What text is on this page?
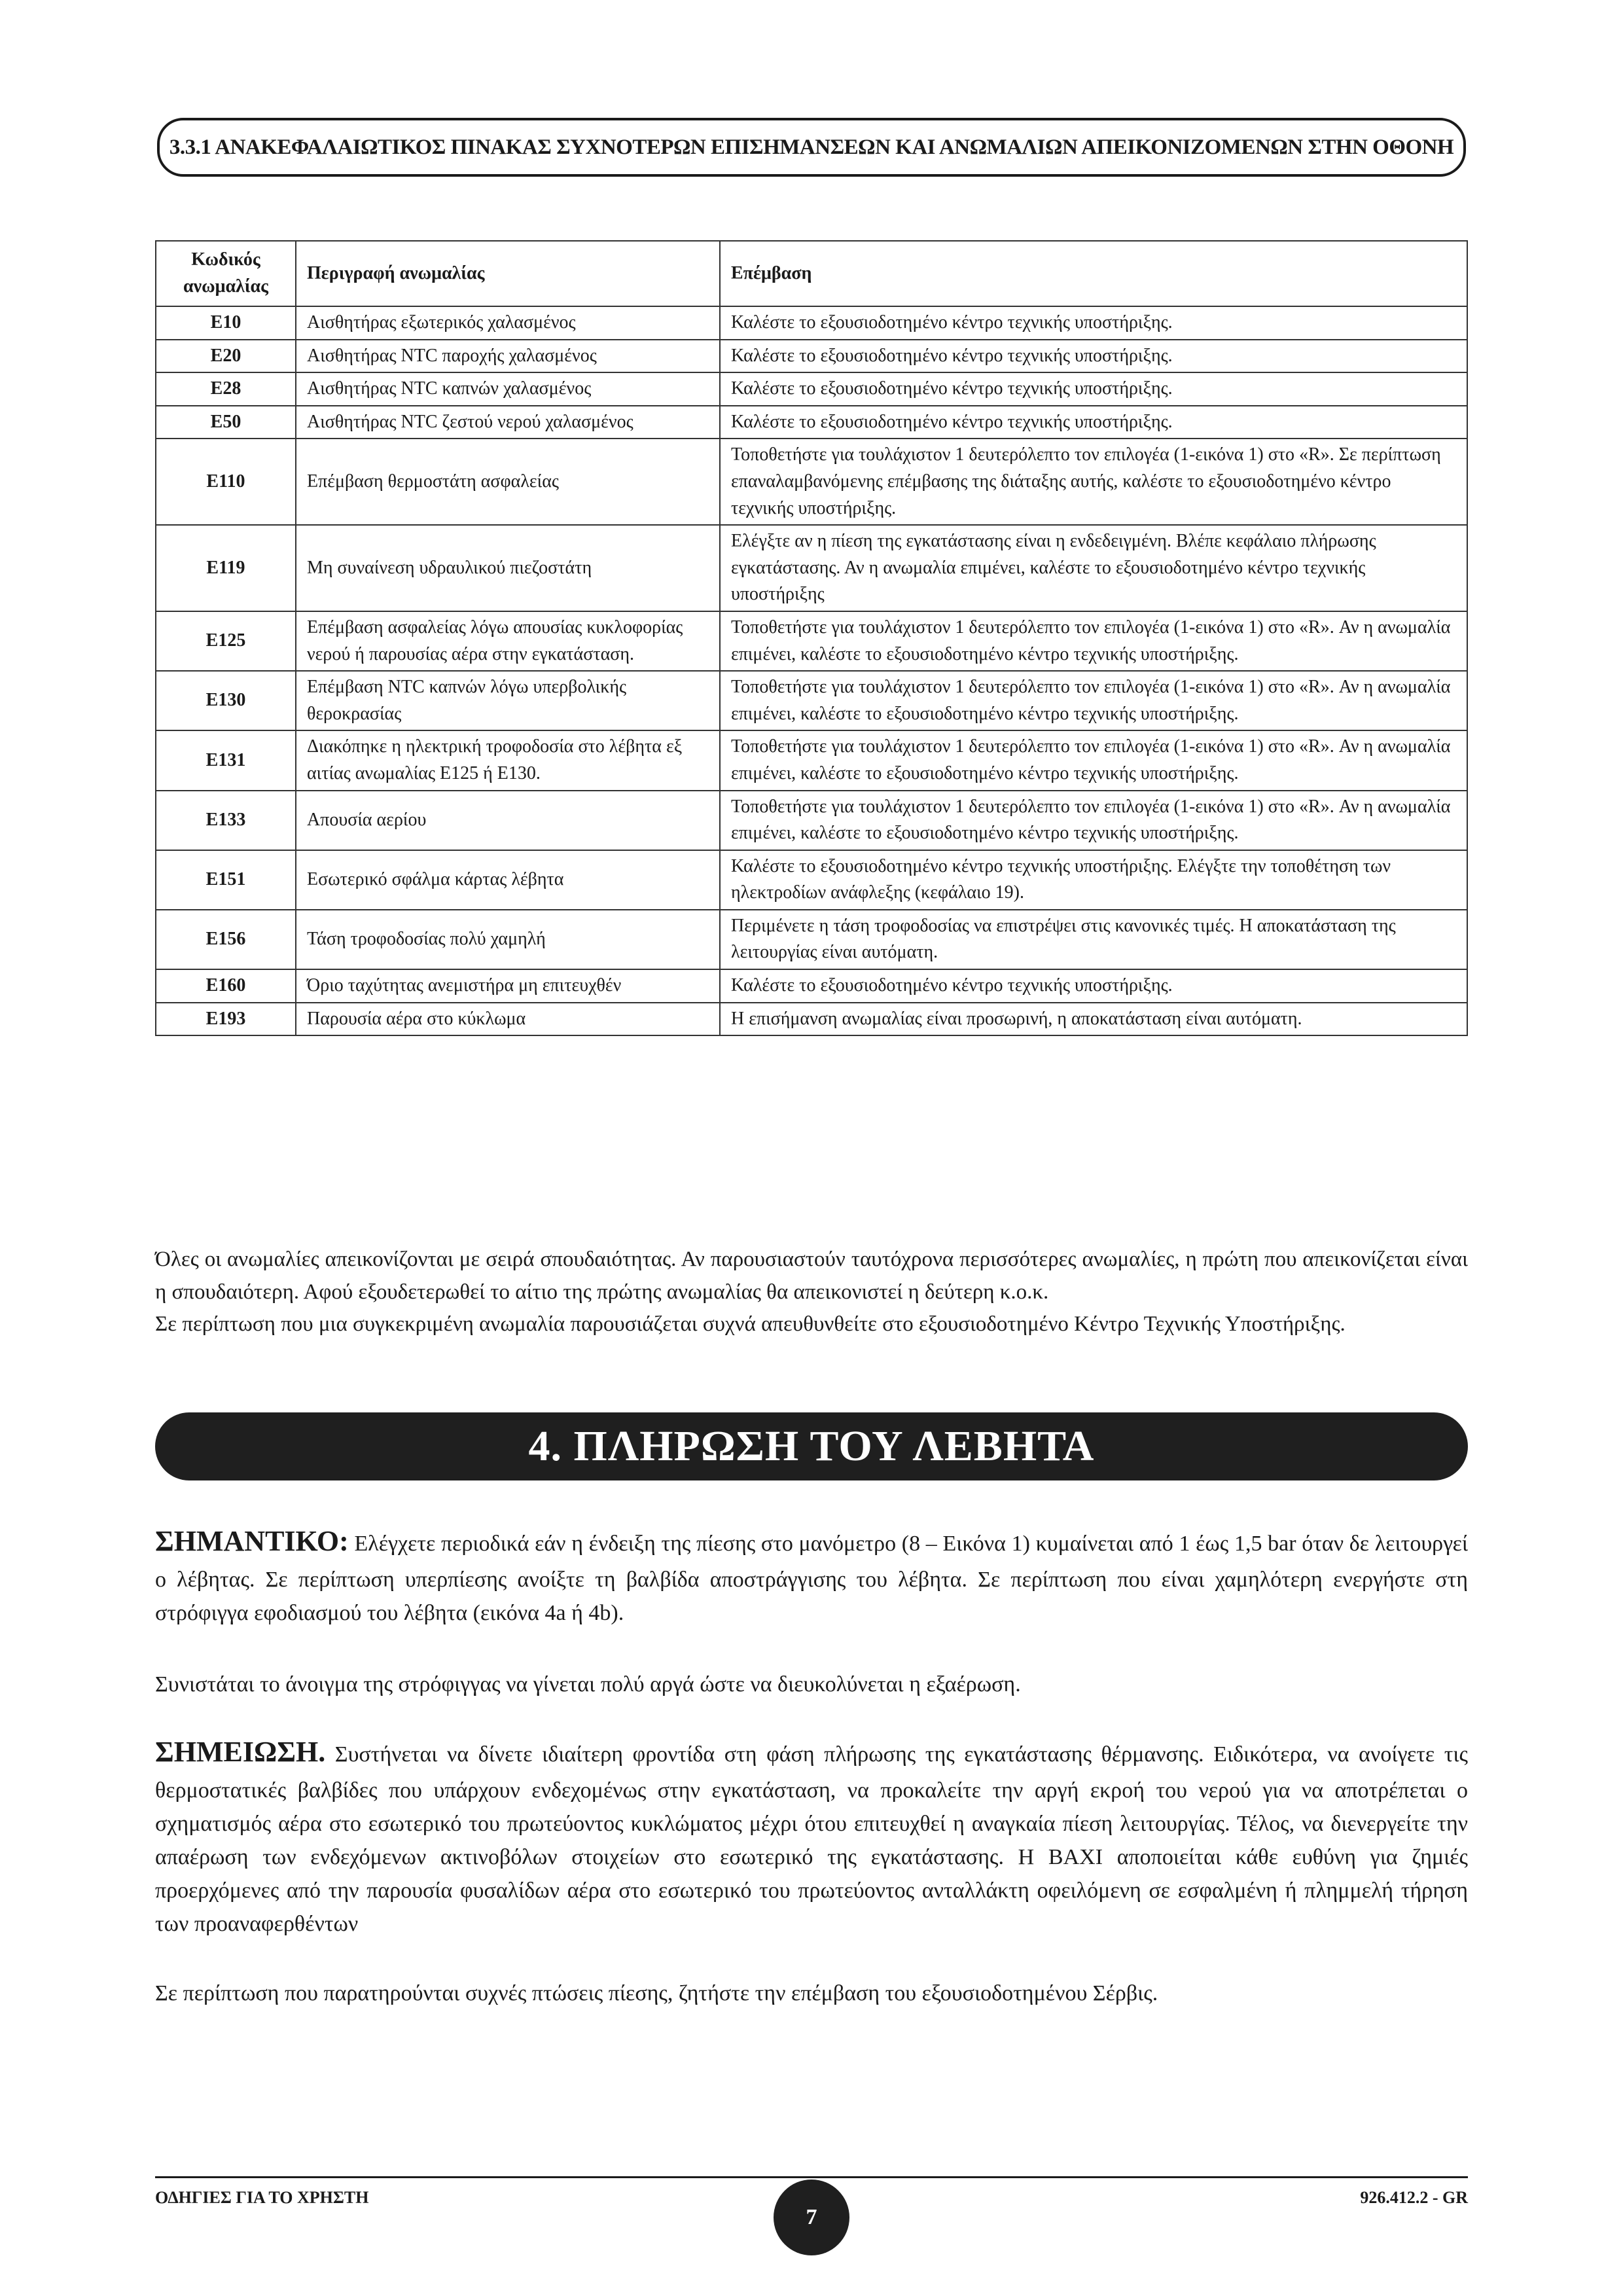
3.3.1 ΑΝΑΚΕΦΑΛΑΙΩΤΙΚΟΣ ΠΙΝΑΚΑΣ ΣΥΧΝΟΤΕΡΩΝ ΕΠΙΣΗΜΑΝΣΕΩΝ ΚΑΙ ΑΝΩΜΑΛΙΩΝ ΑΠΕΙΚΟΝΙΖΟΜΕΝΩΝ ΣΤΗΝ ΟΘΟΝΗ
Κωδικός ανωμαλίας	Περιγραφή ανωμαλίας	Επέμβαση
E10	Αισθητήρας εξωτερικός χαλασμένος	Καλέστε το εξουσιοδοτημένο κέντρο τεχνικής υποστήριξης.
E20	Αισθητήρας NTC παροχής χαλασμένος	Καλέστε το εξουσιοδοτημένο κέντρο τεχνικής υποστήριξης.
E28	Αισθητήρας NTC καπνών χαλασμένος	Καλέστε το εξουσιοδοτημένο κέντρο τεχνικής υποστήριξης.
E50	Αισθητήρας NTC ζεστού νερού χαλασμένος	Καλέστε το εξουσιοδοτημένο κέντρο τεχνικής υποστήριξης.
E110	Επέμβαση θερμοστάτη ασφαλείας	Τοποθετήστε για τουλάχιστον 1 δευτερόλεπτο τον επιλογέα (1-εικόνα 1) στο «R». Σε περίπτωση επαναλαμβανόμενης επέμβασης της διάταξης αυτής, καλέστε το εξουσιοδοτημένο κέντρο τεχνικής υποστήριξης.
E119	Μη συναίνεση υδραυλικού πιεζοστάτη	Ελέγξτε αν η πίεση της εγκατάστασης είναι η ενδεδειγμένη. Βλέπε κεφάλαιο πλήρωσης εγκατάστασης. Αν η ανωμαλία επιμένει, καλέστε το εξουσιοδοτημένο κέντρο τεχνικής υποστήριξης
E125	Επέμβαση ασφαλείας λόγω απουσίας κυκλοφορίας νερού ή παρουσίας αέρα στην εγκατάσταση.	Τοποθετήστε για τουλάχιστον 1 δευτερόλεπτο τον επιλογέα (1-εικόνα 1) στο «R». Αν η ανωμαλία επιμένει, καλέστε το εξουσιοδοτημένο κέντρο τεχνικής υποστήριξης.
E130	Επέμβαση NTC καπνών λόγω υπερβολικής θεροκρασίας	Τοποθετήστε για τουλάχιστον 1 δευτερόλεπτο τον επιλογέα (1-εικόνα 1) στο «R». Αν η ανωμαλία επιμένει, καλέστε το εξουσιοδοτημένο κέντρο τεχνικής υποστήριξης.
E131	Διακόπηκε η ηλεκτρική τροφοδοσία στο λέβητα εξ αιτίας ανωμαλίας E125 ή E130.	Τοποθετήστε για τουλάχιστον 1 δευτερόλεπτο τον επιλογέα (1-εικόνα 1) στο «R». Αν η ανωμαλία επιμένει, καλέστε το εξουσιοδοτημένο κέντρο τεχνικής υποστήριξης.
E133	Απουσία αερίου	Τοποθετήστε για τουλάχιστον 1 δευτερόλεπτο τον επιλογέα (1-εικόνα 1) στο «R». Αν η ανωμαλία επιμένει, καλέστε το εξουσιοδοτημένο κέντρο τεχνικής υποστήριξης.
E151	Εσωτερικό σφάλμα κάρτας λέβητα	Καλέστε το εξουσιοδοτημένο κέντρο τεχνικής υποστήριξης. Ελέγξτε την τοποθέτηση των ηλεκτροδίων ανάφλεξης (κεφάλαιο 19).
E156	Τάση τροφοδοσίας πολύ χαμηλή	Περιμένετε η τάση τροφοδοσίας να επιστρέψει στις κανονικές τιμές. Η αποκατάσταση της λειτουργίας είναι αυτόματη.
E160	Όριο ταχύτητας ανεμιστήρα μη επιτευχθέν	Καλέστε το εξουσιοδοτημένο κέντρο τεχνικής υποστήριξης.
E193	Παρουσία αέρα στο κύκλωμα	Η επισήμανση ανωμαλίας είναι προσωρινή, η αποκατάσταση είναι αυτόματη.

Όλες οι ανωμαλίες απεικονίζονται με σειρά σπουδαιότητας. Αν παρουσιαστούν ταυτόχρονα περισσότερες ανωμαλίες, η πρώτη που απεικονίζεται είναι η σπουδαιότερη. Αφού εξουδετερωθεί το αίτιο της πρώτης ανωμαλίας θα απεικονιστεί η δεύτερη κ.ο.κ.

Σε περίπτωση που μια συγκεκριμένη ανωμαλία παρουσιάζεται συχνά απευθυνθείτε στο εξουσιοδοτημένο Κέντρο Τεχνικής Υποστήριξης.

4. ΠΛΗΡΩΣΗ ΤΟΥ ΛΕΒΗΤΑ

ΣΗΜΑΝΤΙΚΟ: Ελέγχετε περιοδικά εάν η ένδειξη της πίεσης στο μανόμετρο (8 – Εικόνα 1) κυμαίνεται από 1 έως 1,5 bar όταν δε λειτουργεί ο λέβητας. Σε περίπτωση υπερπίεσης ανοίξτε τη βαλβίδα αποστράγγισης του λέβητα. Σε περίπτωση που είναι χαμηλότερη ενεργήστε στη στρόφιγγα εφοδιασμού του λέβητα (εικόνα 4a ή 4b).

Συνιστάται το άνοιγμα της στρόφιγγας να γίνεται πολύ αργά ώστε να διευκολύνεται η εξαέρωση.

ΣΗΜΕΙΩΣΗ. Συστήνεται να δίνετε ιδιαίτερη φροντίδα στη φάση πλήρωσης της εγκατάστασης θέρμανσης. Ειδικότερα, να ανοίγετε τις θερμοστατικές βαλβίδες που υπάρχουν ενδεχομένως στην εγκατάσταση, να προκαλείτε την αργή εκροή του νερού για να αποτρέπεται ο σχηματισμός αέρα στο εσωτερικό του πρωτεύοντος κυκλώματος μέχρι ότου επιτευχθεί η αναγκαία πίεση λειτουργίας. Τέλος, να διενεργείτε την απαέρωση των ενδεχόμενων ακτινοβόλων στοιχείων στο εσωτερικό της εγκατάστασης. Η BAXI αποποιείται κάθε ευθύνη για ζημιές προερχόμενες από την παρουσία φυσαλίδων αέρα στο εσωτερικό του πρωτεύοντος ανταλλάκτη οφειλόμενη σε εσφαλμένη ή πλημμελή τήρηση των προαναφερθέντων

Σε περίπτωση που παρατηρούνται συχνές πτώσεις πίεσης, ζητήστε την επέμβαση του εξουσιοδοτημένου Σέρβις.

ΟΔΗΓΙΕΣ ΓΙΑ ΤΟ ΧΡΗΣΤΗ
7
926.412.2 - GR
